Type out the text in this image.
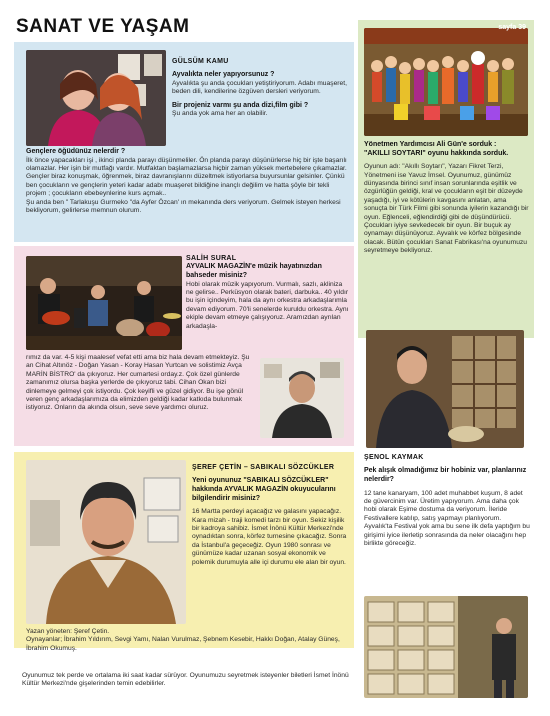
SANAT VE YAŞAM

GÜLSÜM KAMU

Ayvalıkta neler yapıyorsunuz ?

Ayvalıkta şu anda çocukları yetiştiriyorum. Adabı muaşeret, beden dili, kendilerine özgüven dersleri veriyorum.

Bir projeniz varmı şu anda dizi,film gibi ?

Şu anda yok ama her an olabilir.

Gençlere öğüdünüz nelerdir ?

İlk önce yapacakları işi , ikinci planda parayı düşünmeliler. Ön planda parayı düşünürlerse hiç bir işte başarılı olamazlar. Her işin bir mutfağı vardır. Mutfaktan başlamazlarsa hiçbir zaman yüksek mertebelere çıkamazlar. Gençler biraz konuşmak, öğrenmek, biraz davranışlarını düzeltmek istiyorlarsa buyursunlar gelsinler. Çünkü ben çocukların ve gençlerin yeteri kadar adabı muaşeret bildiğine inançlı değilim ve hatta şöyle bir tekli projem ; çocukların ebebeynlerine kurs açmak..

Şu anda ben " Tarlakuşu Gurmeko "da Ayfer Özcan' ın mekanında ders veriyorum. Gelmek isteyen herkesi bekliyorum, gelirlerse memnun olurum.

sayfa 39

Yönetmen Yardımcısı Ali Gün'e sorduk :

"AKILLI SOYTARI" oyunu hakkında sorduk.

Oyunun adı: "Akıllı Soytarı", Yazarı Fikret Terzi, Yönetmeni ise Yavuz İmsel. Oyunumuz, günümüz dünyasında birinci sınıf insan sorunlarında eşitlik ve özgürlüğün geldiği, kral ve çocukların eşit bir düzeyde yaşadığı, iyi ve kötülerin kavgasını anlatan, ama sonuçta bir Türk Filmi gibi sonunda iyilerin kazandığı bir oyun. Eğlenceli, eğlendirdiği gibi de düşündürücü. Çocukları iyiye sevkedecek bir oyun. Bir buçuk ay oynamayı düşünüyoruz. Ayvalık ve körfez bölgesinde olacak. Bütün çocukları Sanat Fabrikası'na oyunumuzu seyretmeye bekliyoruz.

SALİH SURAL

AYVALIK MAGAZİN'e müzik hayatınızdan bahseder misiniz?

Hobi olarak müzik yapıyorum. Vurmalı, sazlı, akliniza ne gelirse.. Perküsyon olarak bateri, darbuka.. 40 yıldır bu işin içindeyim, hala da aynı orkestra arkadaşlarımla devam ediyorum. 70'li senelerde kuruldu orkestra. Aynı ekiple devam etmeye çalışıyoruz. Aramızdan ayrılan arkadaşla-

rımız da var. 4-5 kişi maalesef vefat etti ama biz hala devam etmekteyiz. Şu an Cihat Altınöz - Doğan Yasan - Koray Hasan Yurtcan ve solistimiz Avça MARİN BİSTRO' da çıkıyoruz. Her cumartesi orday.z. Çok özel günlerde zamanımız olursa başka yerlerde de çıkıyoruz tabi. Cihan Okan bizi dinlemeye gelmeyi çok istiyordu. Çok keyifli ve güzel gidiyor. Bu işe gönül veren genç arkadaşlarımıza da elimizden geldiği kadar katkıda bulunmak istiyoruz. Onların da akında olsun, seve seve yardımcı oluruz.

ŞENOL KAYMAK

Pek alışık olmadığımız bir hobiniz var, planlarınız nelerdir?

12 tane kanaryam, 100 adet muhabbet kuşum, 8 adet de güvercinim var. Üretim yapıyorum. Ama daha çok hobi olarak Eşime dostuma da veriyorum. İleride Festivallere katılıp, satış yapmayı planlıyorum. Ayvalık'ta Festival yok ama bu sene ilk defa yaptığım bu girişimi iyice ilerletip sonrasında da neler olacağını hep birlikte göreceğiz.

ŞEREF ÇETİN – SABIKALI SÖZCÜKLER

Yeni oyununuz "SABIKALI SÖZCÜKLER" hakkında AYVALIK MAGAZİN okuyucularını bilgilendirir misiniz?

16 Martta perdeyi açacağız ve galasını yapacağız. Kara mizah - traji komedi tarzı bir oyun. Sekiz kişilik bir kadroya sahibiz. İsmet İnönü Kültür Merkezi'nde oynadıktan sonra, körfez turnesine çıkacağız. Sonra da İstanbul'a geçeceğiz. Oyun 1980 sonrası ve günümüze kadar uzanan sosyal ekonomik ve polemik durumuyla alle içi durumu ele alan bir oyun.

Yazan yöneten: Şeref Çetin.

Oynayanlar; İbrahim Yıldırım, Sevgi Yamı, Nalan Vurulmaz, Şebnem Kesebir, Hakkı Doğan, Atalay Güneş, İbrahim Okumuş.

Oyunumuz tek perde ve ortalama iki saat kadar sürüyor. Oyunumuzu seyretmek isteyenler biletleri İsmet İnönü Kültür Merkezi'nde gişelerinden temin edebilirler.
